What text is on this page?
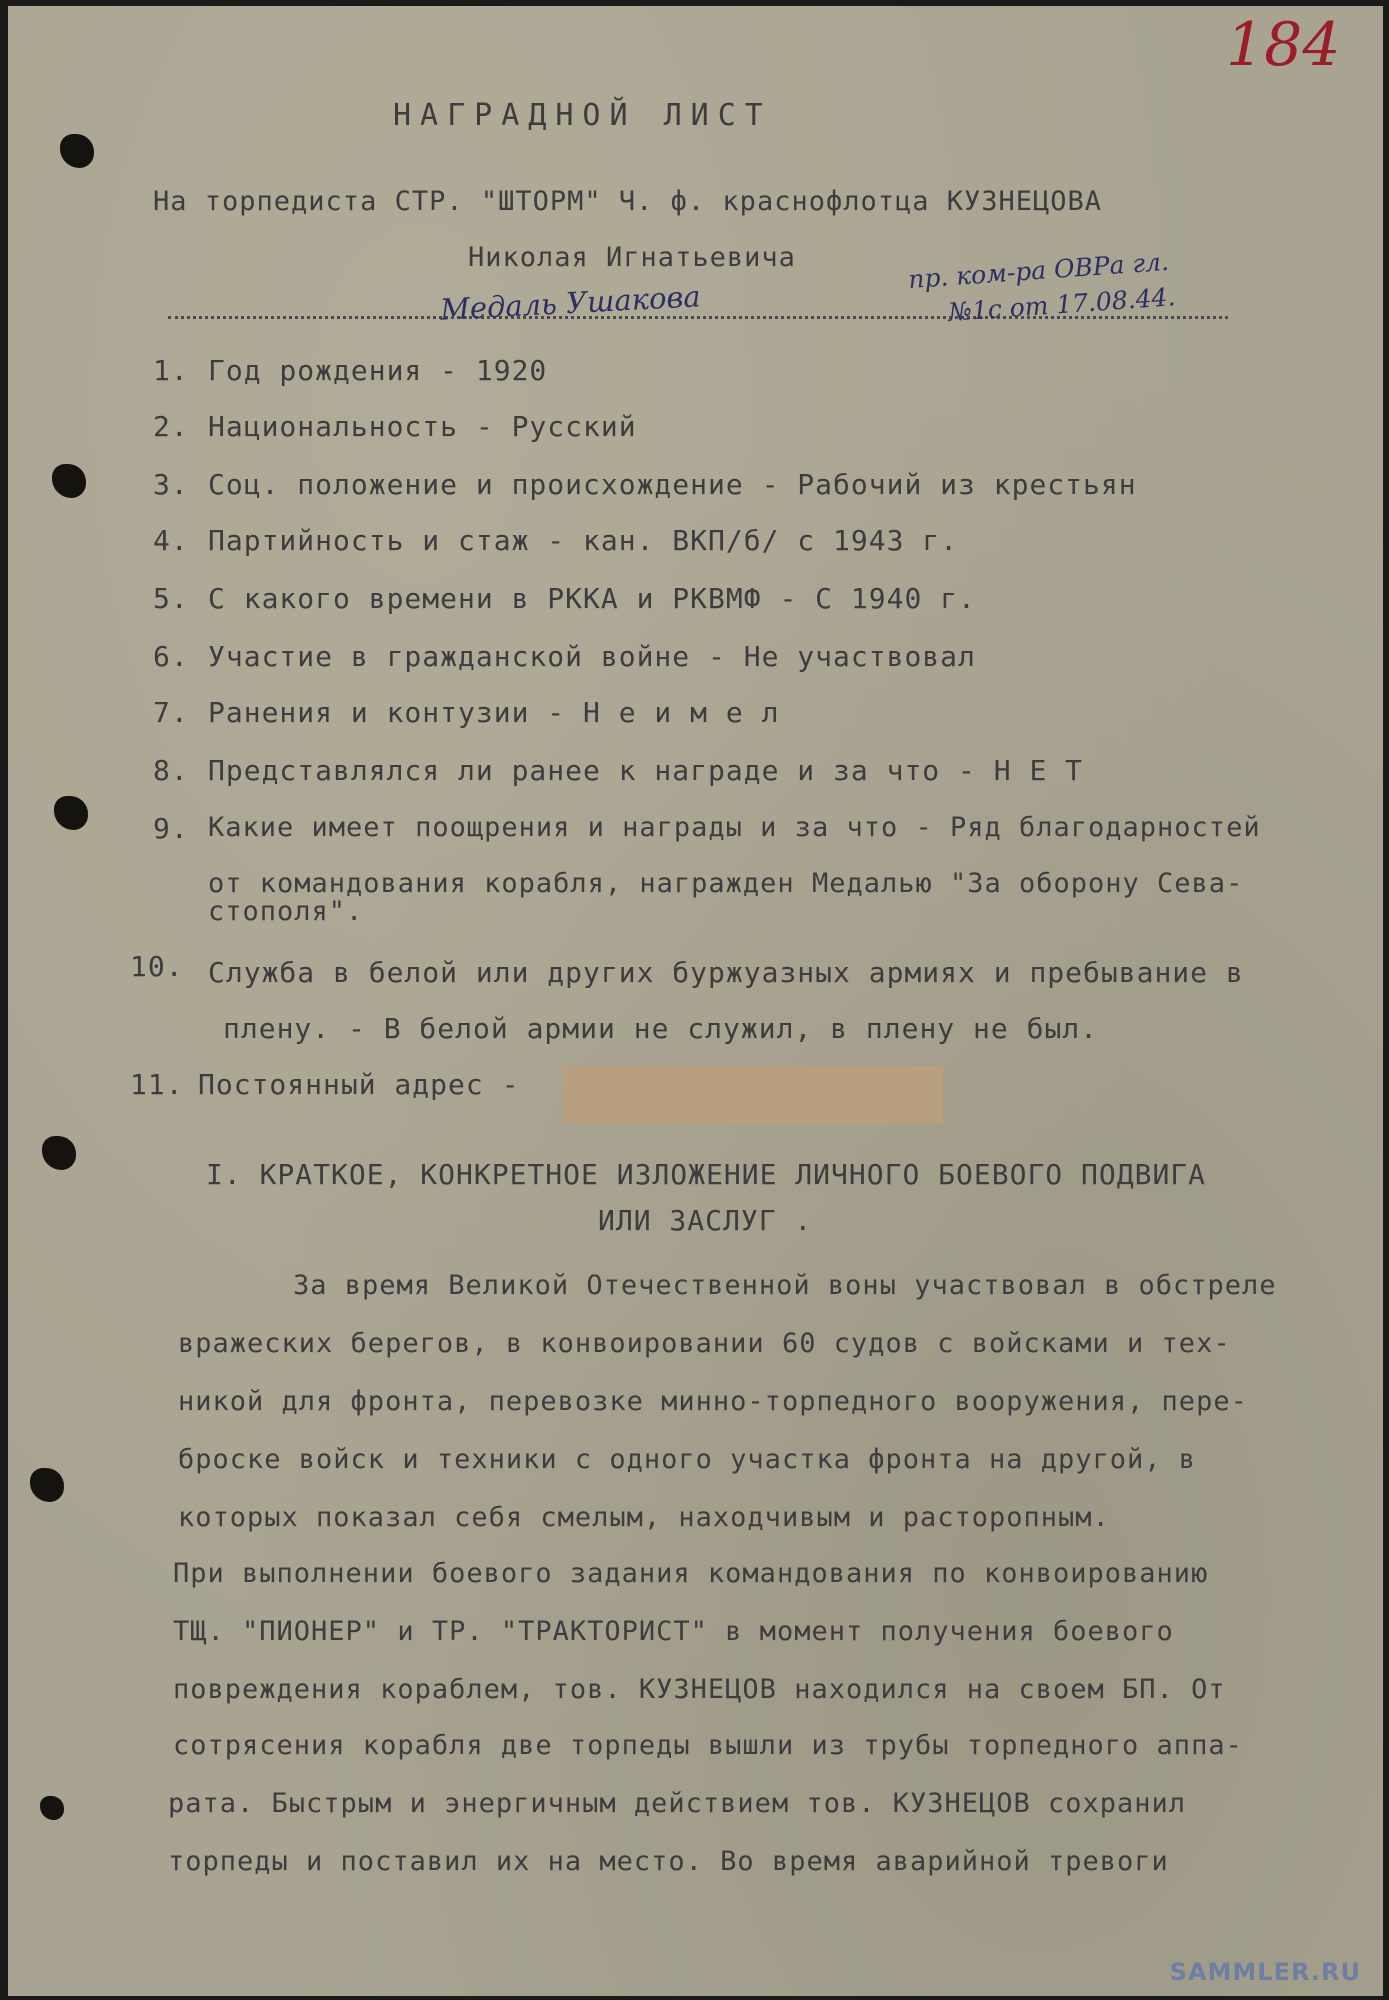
184
НАГРАДНОЙ ЛИСТ
На торпедиста СТР. "ШТОРМ" Ч. ф. краснофлотца КУЗНЕЦОВА
Николая Игнатьевича
Медаль Ушакова
пр. ком-ра ОВРа гл.
№1с от 17.08.44.
1. Год рождения - 1920
2. Национальность - Русский
3. Соц. положение и происхождение - Рабочий из крестьян
4. Партийность и стаж - кан. ВКП/б/ с 1943 г.
5. С какого времени в РККА и РКВМФ - С 1940 г.
6. Участие в гражданской войне - Не участвовал
7. Ранения и контузии - Н е и м е л
8. Представлялся ли ранее к награде и за что - Н Е Т
9. Какие имеет поощрения и награды и за что - Ряд благодарностей
от командования корабля, награжден Медалью "За оборону Сева-
стополя".
10. Служба в белой или других буржуазных армиях и пребывание в
плену. - В белой армии не служил, в плену не был.
11. Постоянный адрес -
I. КРАТКОЕ, КОНКРЕТНОЕ ИЗЛОЖЕНИЕ ЛИЧНОГО БОЕВОГО ПОДВИГА
ИЛИ ЗАСЛУГ .
За время Великой Отечественной воны участвовал в обстреле
вражеских берегов, в конвоировании 60 судов с войсками и тех-
никой для фронта, перевозке минно-торпедного вооружения, пере-
броске войск и техники с одного участка фронта на другой, в
которых показал себя смелым, находчивым и расторопным.
При выполнении боевого задания командования по конвоированию
ТЩ. "ПИОНЕР" и ТР. "ТРАКТОРИСТ" в момент получения боевого
повреждения кораблем, тов. КУЗНЕЦОВ находился на своем БП. От
сотрясения корабля две торпеды вышли из трубы торпедного аппа-
рата. Быстрым и энергичным действием тов. КУЗНЕЦОВ сохранил
торпеды и поставил их на место. Во время аварийной тревоги
SAMMLER.RU
